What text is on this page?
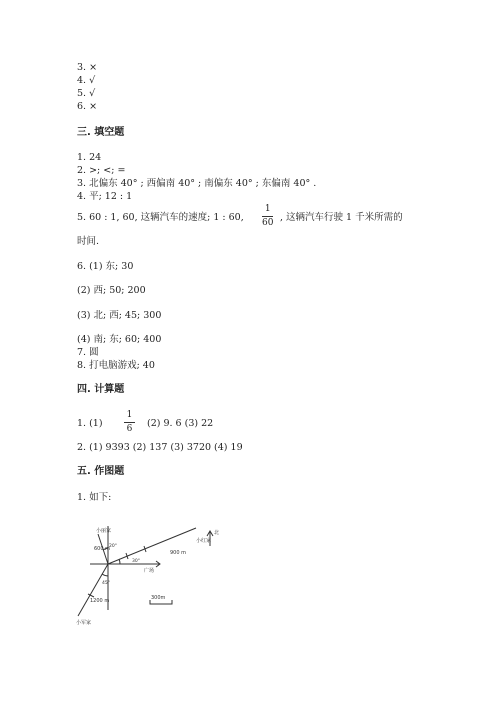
3. ×
4. √
5. √
6. ×
三. 填空题
1. 24
2. >; <; =
3. 北偏东 40° ; 西偏南 40° ; 南偏东 40° ; 东偏南 40° .
4. 平; 12 : 1
5. 60 : 1, 60, 这辆汽车的速度; 1 : 60,
1
60 , 这辆汽车行驶 1 千米所需的
时间.
6. (1) 东; 30
(2) 西; 50; 200
(3) 北; 西; 45; 300
(4) 南; 东; 60; 400
7. 圆
8. 打电脑游戏; 40
四. 计算题
1. (1)
1
6 (2) 9. 6 (3) 22
2. (1) 9393 (2) 137 (3) 3720 (4) 19
五. 作图题
1. 如下:
小丽家
600 m
20°
小红家
900 m
30°
广场
北
45°
1200 m
小军家
300m
